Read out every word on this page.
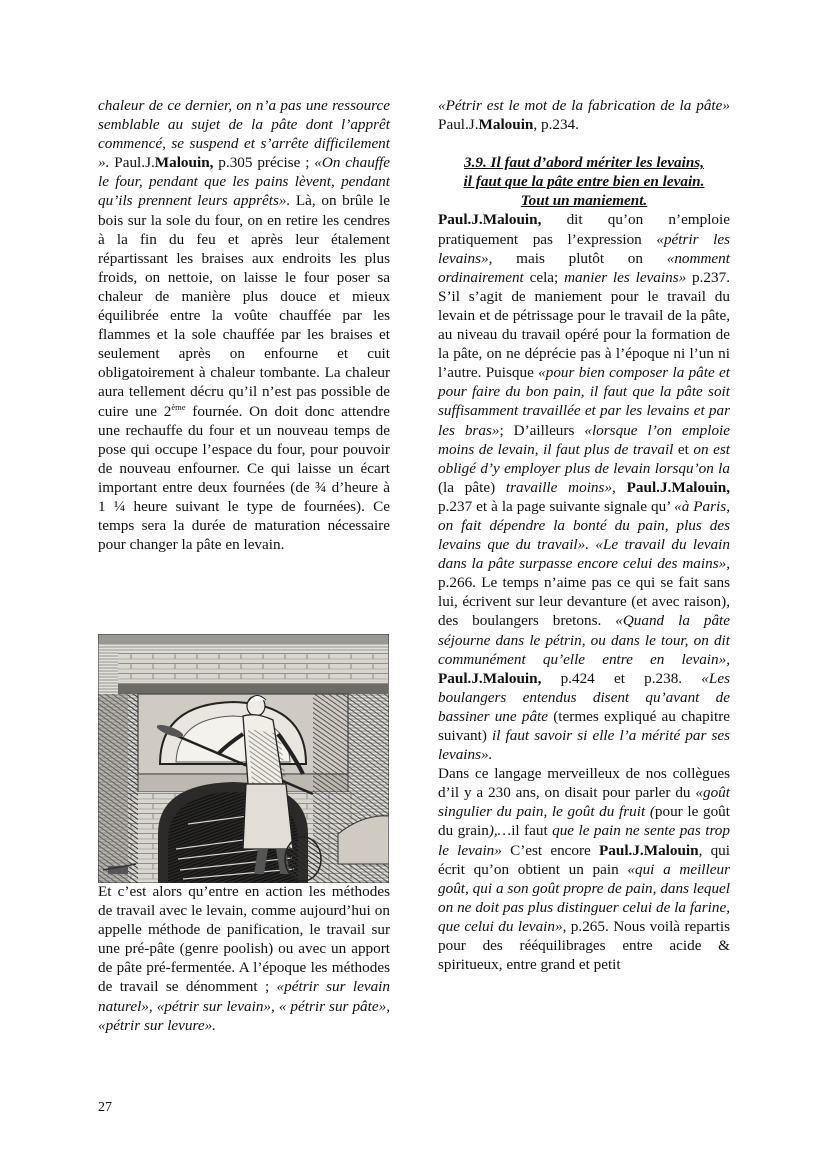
chaleur de ce dernier, on n’a pas une ressource semblable au sujet de la pâte dont l’apprêt commencé, se suspend et s’arrête difficilement ». Paul.J.Malouin, p.305 précise ; «On chauffe le four, pendant que les pains lèvent, pendant qu’ils prennent leurs apprêts». Là, on brûle le bois sur la sole du four, on en retire les cendres à la fin du feu et après leur étalement répartissant les braises aux endroits les plus froids, on nettoie, on laisse le four poser sa chaleur de manière plus douce et mieux équilibrée entre la voûte chauffée par les flammes et la sole chauffée par les braises et seulement après on enfourne et cuit obligatoirement à chaleur tombante. La chaleur aura tellement décru qu’il n’est pas possible de cuire une 2ème fournée. On doit donc attendre une rechauffe du four et un nouveau temps de pose qui occupe l’espace du four, pour pouvoir de nouveau enfourner. Ce qui laisse un écart important entre deux fournées (de ¾ d’heure à 1 ¼ heure suivant le type de fournées). Ce temps sera la durée de maturation nécessaire pour changer la pâte en levain.

Et c’est alors qu’entre en action les méthodes de travail avec le levain, comme aujourd’hui on appelle méthode de panification, le travail sur une pré-pâte (genre poolish) ou avec un apport de pâte pré-fermentée. A l’époque les méthodes de travail se dénomment ; «pétrir sur levain naturel», «pétrir sur levain», « pétrir sur pâte», «pétrir sur levure».

«Pétrir est le mot de la fabrication de la pâte» Paul.J.Malouin, p.234.

3.9. Il faut d’abord mériter les levains,
il faut que la pâte entre bien en levain.
Tout un maniement.

Paul.J.Malouin, dit qu’on n’emploie pratiquement pas l’expression «pétrir les levains», mais plutôt on «nomment ordinairement cela; manier les levains» p.237. S’il s’agit de maniement pour le travail du levain et de pétrissage pour le travail de la pâte, au niveau du travail opéré pour la formation de la pâte, on ne déprécie pas à l’époque ni l’un ni l’autre. Puisque «pour bien composer la pâte et pour faire du bon pain, il faut que la pâte soit suffisamment travaillée et par les levains et par les bras»; D’ailleurs «lorsque l’on emploie moins de levain, il faut plus de travail et on est obligé d’y employer plus de levain lorsqu’on la (la pâte) travaille moins», Paul.J.Malouin, p.237 et à la page suivante signale qu’ «à Paris, on fait dépendre la bonté du pain, plus des levains que du travail». «Le travail du levain dans la pâte surpasse encore celui des mains», p.266. Le temps n’aime pas ce qui se fait sans lui, écrivent sur leur devanture (et avec raison), des boulangers bretons. «Quand la pâte séjourne dans le pétrin, ou dans le tour, on dit communément qu’elle entre en levain», Paul.J.Malouin, p.424 et p.238. «Les boulangers entendus disent qu’avant de bassiner une pâte (termes expliqué au chapitre suivant) il faut savoir si elle l’a mérité par ses levains».

Dans ce langage merveilleux de nos collègues d’il y a 230 ans, on disait pour parler du «goût singulier du pain, le goût du fruit (pour le goût du grain),…il faut que le pain ne sente pas trop le levain» C’est encore Paul.J.Malouin, qui écrit qu’on obtient un pain «qui a meilleur goût, qui a son goût propre de pain, dans lequel on ne doit pas plus distinguer celui de la farine, que celui du levain», p.265. Nous voilà repartis pour des rééquilibrages entre acide & spiritueux, entre grand et petit

27
